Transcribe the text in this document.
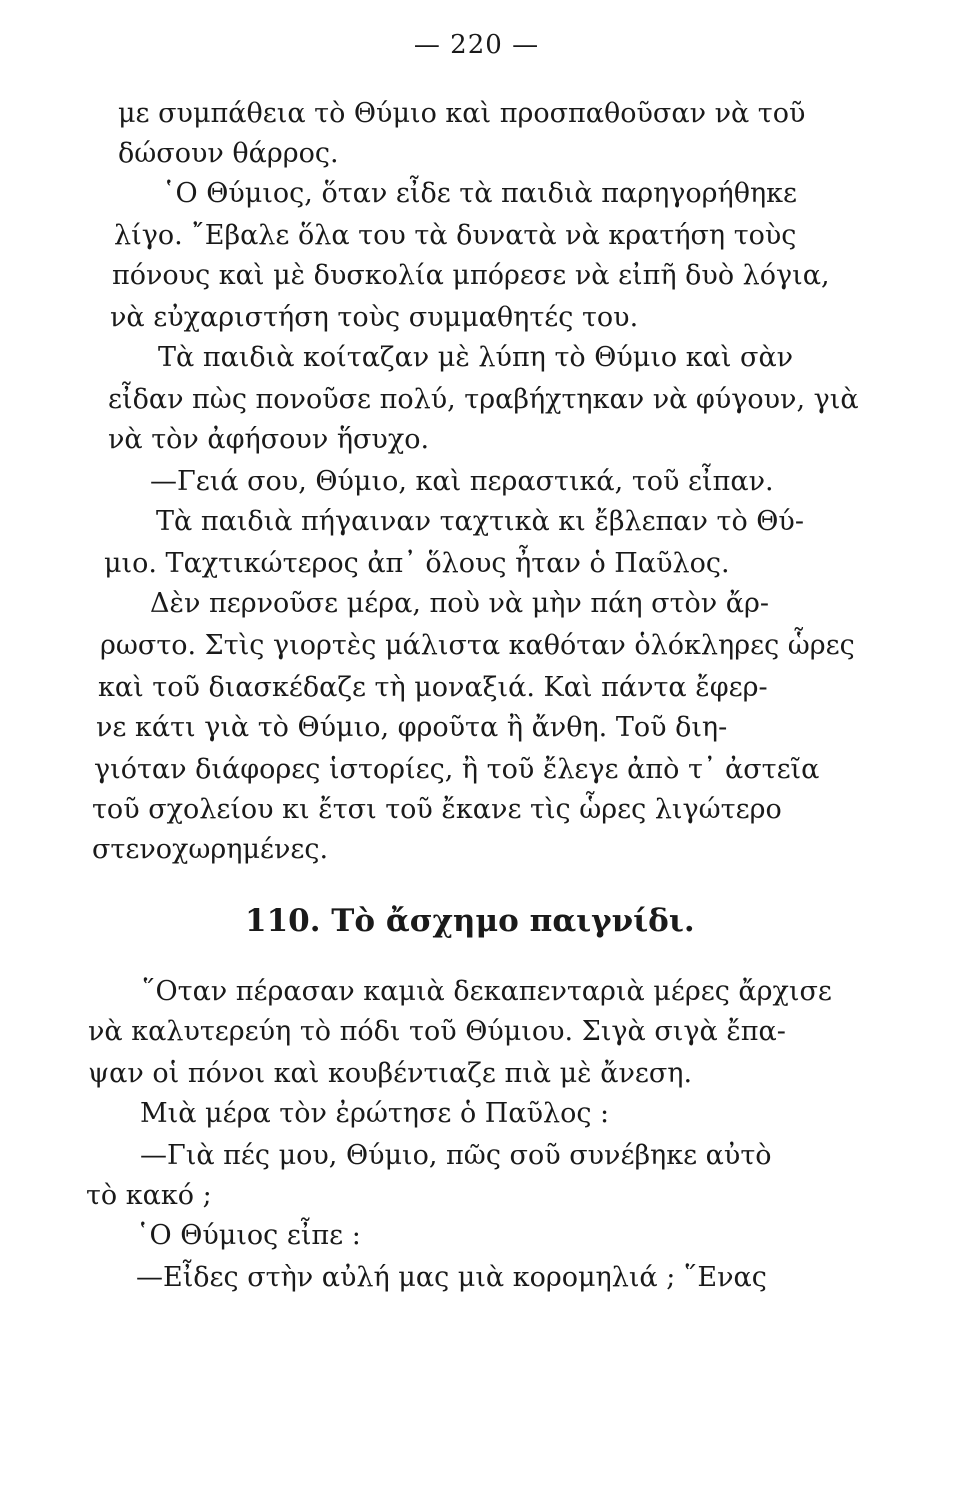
— 220 —
με συμπάθεια τὸ Θύμιο καὶ προσπαθοῦσαν νὰ τοῦ
δώσουν θάρρος.
῾Ο Θύμιος, ὅταν εἶδε τὰ παιδιὰ παρηγορήθηκε
λίγο. ῎Εβαλε ὅλα του τὰ δυνατὰ νὰ κρατήση τοὺς
πόνους καὶ μὲ δυσκολία μπόρεσε νὰ εἰπῆ δυὸ λόγια,
νὰ εὐχαριστήση τοὺς συμμαθητές του.
Τὰ παιδιὰ κοίταζαν μὲ λύπη τὸ Θύμιο καὶ σὰν
εἶδαν πὼς πονοῦσε πολύ, τραβήχτηκαν νὰ φύγουν, γιὰ
νὰ τὸν ἀφήσουν ἥσυχο.
—Γειά σου, Θύμιο, καὶ περαστικά, τοῦ εἶπαν.
Τὰ παιδιὰ πήγαιναν ταχτικὰ κι ἔβλεπαν τὸ Θύ-
μιο. Ταχτικώτερος ἀπ᾽ ὅλους ἦταν ὁ Παῦλος.
Δὲν περνοῦσε μέρα, ποὺ νὰ μὴν πάη στὸν ἄρ-
ρωστο. Στὶς γιορτὲς μάλιστα καθόταν ὁλόκληρες ὧρες
καὶ τοῦ διασκέδαζε τὴ μοναξιά. Καὶ πάντα ἔφερ-
νε κάτι γιὰ τὸ Θύμιο, φροῦτα ἢ ἄνθη. Τοῦ διη-
γιόταν διάφορες ἱστορίες, ἢ τοῦ ἔλεγε ἀπὸ τ᾽ ἀστεῖα
τοῦ σχολείου κι ἔτσι τοῦ ἔκανε τὶς ὧρες λιγώτερο
στενοχωρημένες.
110. Τὸ ἄσχημο παιγνίδι.
῞Οταν πέρασαν καμιὰ δεκαπενταριὰ μέρες ἄρχισε
νὰ καλυτερεύη τὸ πόδι τοῦ Θύμιου. Σιγὰ σιγὰ ἔπα-
ψαν οἱ πόνοι καὶ κουβέντιαζε πιὰ μὲ ἄνεση.
Μιὰ μέρα τὸν ἐρώτησε ὁ Παῦλος :
—Γιὰ πές μου, Θύμιο, πῶς σοῦ συνέβηκε αὐτὸ
τὸ κακό ;
῾Ο Θύμιος εἶπε :
—Εἶδες στὴν αὐλή μας μιὰ κορομηλιά ; ῞Ενας
